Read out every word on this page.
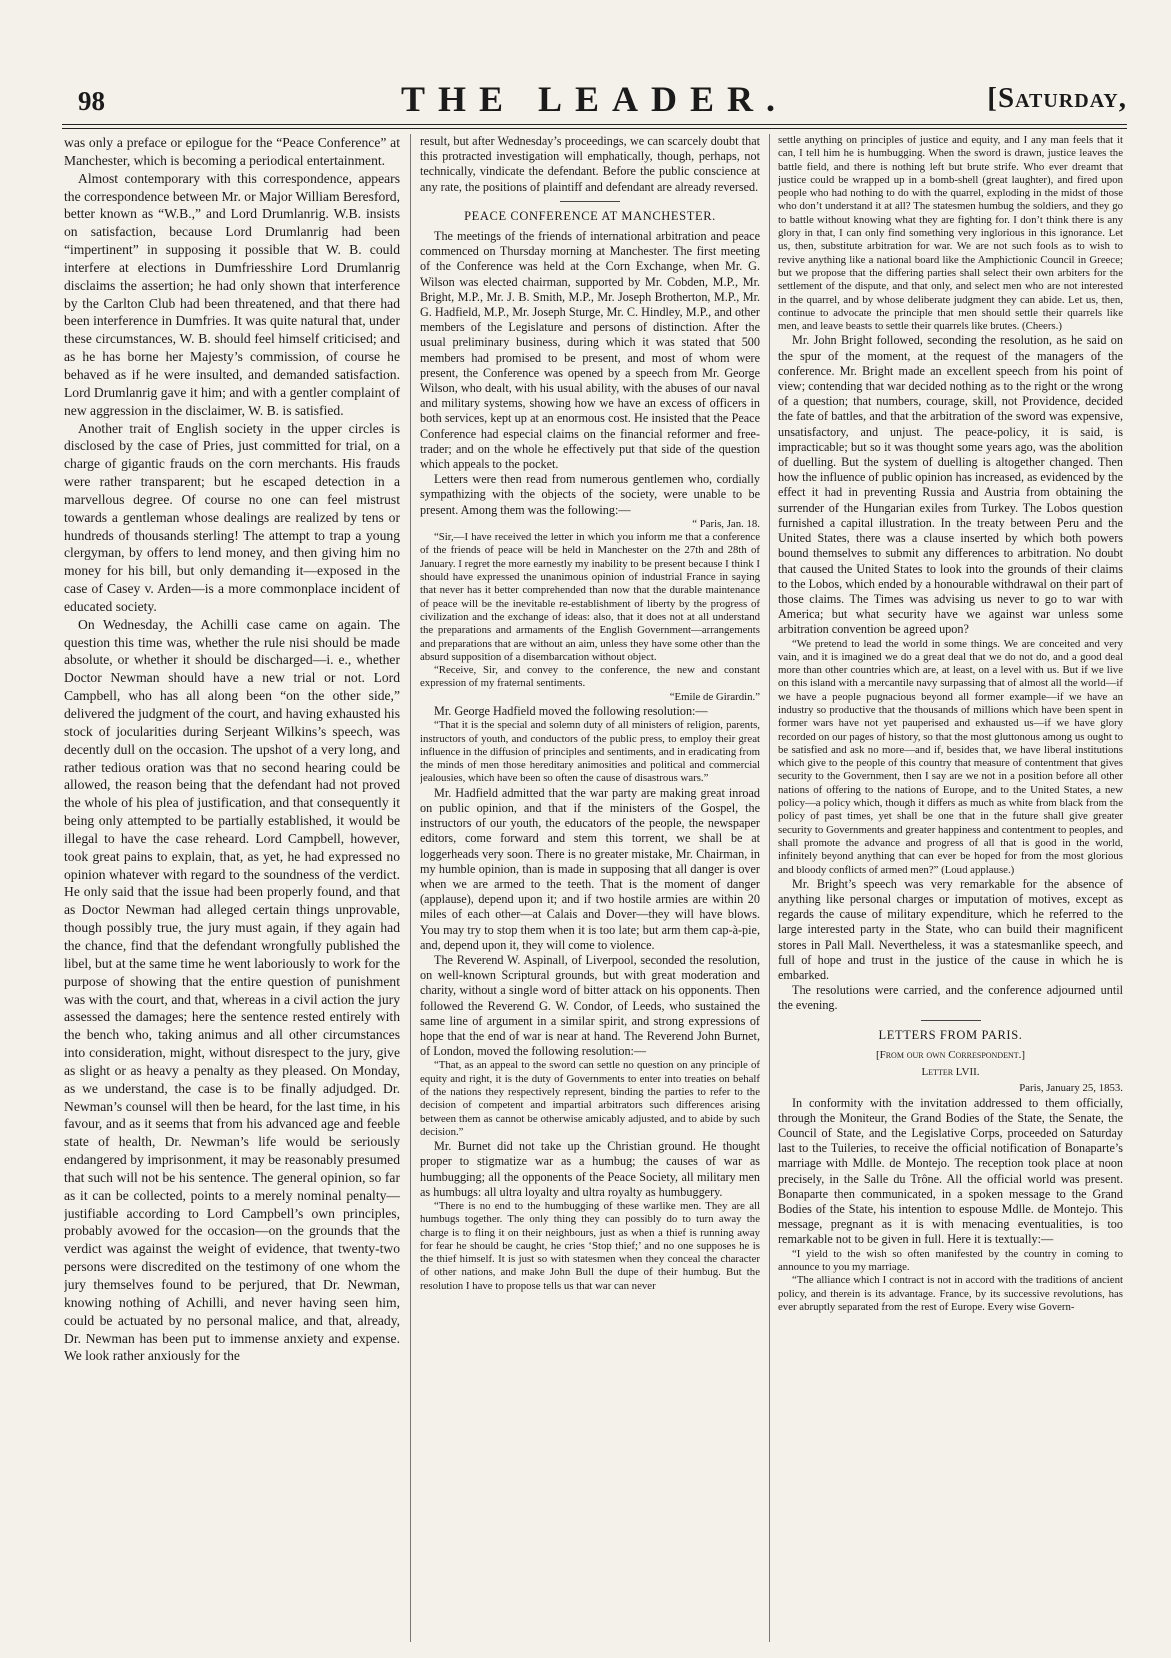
98	THE LEADER.	[Saturday,

was only a preface or epilogue for the “Peace Conference” at Manchester, which is becoming a periodical entertainment.

Almost contemporary with this correspondence, appears the correspondence between Mr. or Major William Beresford, better known as “W.B.,” and Lord Drumlanrig. W.B. insists on satisfaction, because Lord Drumlanrig had been “impertinent” in supposing it possible that W. B. could interfere at elections in Dumfriesshire Lord Drumlanrig disclaims the assertion; he had only shown that interference by the Carlton Club had been threatened, and that there had been interference in Dumfries. It was quite natural that, under these circumstances, W. B. should feel himself criticised; and as he has borne her Majesty’s commission, of course he behaved as if he were insulted, and demanded satisfaction. Lord Drumlanrig gave it him; and with a gentler complaint of new aggression in the disclaimer, W. B. is satisfied.

Another trait of English society in the upper circles is disclosed by the case of Pries, just committed for trial, on a charge of gigantic frauds on the corn merchants. His frauds were rather transparent; but he escaped detection in a marvellous degree. Of course no one can feel mistrust towards a gentleman whose dealings are realized by tens or hundreds of thousands sterling! The attempt to trap a young clergyman, by offers to lend money, and then giving him no money for his bill, but only demanding it—exposed in the case of Casey v. Arden—is a more commonplace incident of educated society.

On Wednesday, the Achilli case came on again. The question this time was, whether the rule nisi should be made absolute, or whether it should be discharged—i. e., whether Doctor Newman should have a new trial or not. Lord Campbell, who has all along been “on the other side,” delivered the judgment of the court, and having exhausted his stock of jocularities during Serjeant Wilkins’s speech, was decently dull on the occasion. The upshot of a very long, and rather tedious oration was that no second hearing could be allowed, the reason being that the defendant had not proved the whole of his plea of justification, and that consequently it being only attempted to be partially established, it would be illegal to have the case reheard. Lord Campbell, however, took great pains to explain, that, as yet, he had expressed no opinion whatever with regard to the soundness of the verdict. He only said that the issue had been properly found, and that as Doctor Newman had alleged certain things unprovable, though possibly true, the jury must again, if they again had the chance, find that the defendant wrongfully published the libel, but at the same time he went laboriously to work for the purpose of showing that the entire question of punishment was with the court, and that, whereas in a civil action the jury assessed the damages; here the sentence rested entirely with the bench who, taking animus and all other circumstances into consideration, might, without disrespect to the jury, give as slight or as heavy a penalty as they pleased. On Monday, as we understand, the case is to be finally adjudged. Dr. Newman’s counsel will then be heard, for the last time, in his favour, and as it seems that from his advanced age and feeble state of health, Dr. Newman’s life would be seriously endangered by imprisonment, it may be reasonably presumed that such will not be his sentence. The general opinion, so far as it can be collected, points to a merely nominal penalty—justifiable according to Lord Campbell’s own principles, probably avowed for the occasion—on the grounds that the verdict was against the weight of evidence, that twenty-two persons were discredited on the testimony of one whom the jury themselves found to be perjured, that Dr. Newman, knowing nothing of Achilli, and never having seen him, could be actuated by no personal malice, and that, already, Dr. Newman has been put to immense anxiety and expense. We look rather anxiously for the

result, but after Wednesday’s proceedings, we can scarcely doubt that this protracted investigation will emphatically, though, perhaps, not technically, vindicate the defendant. Before the public conscience at any rate, the positions of plaintiff and defendant are already reversed.

PEACE CONFERENCE AT MANCHESTER.

The meetings of the friends of international arbitration and peace commenced on Thursday morning at Manchester. The first meeting of the Conference was held at the Corn Exchange, when Mr. G. Wilson was elected chairman, supported by Mr. Cobden, M.P., Mr. Bright, M.P., Mr. J. B. Smith, M.P., Mr. Joseph Brotherton, M.P., Mr. G. Hadfield, M.P., Mr. Joseph Sturge, Mr. C. Hindley, M.P., and other members of the Legislature and persons of distinction. After the usual preliminary business, during which it was stated that 500 members had promised to be present, and most of whom were present, the Conference was opened by a speech from Mr. George Wilson, who dealt, with his usual ability, with the abuses of our naval and military systems, showing how we have an excess of officers in both services, kept up at an enormous cost. He insisted that the Peace Conference had especial claims on the financial reformer and free-trader; and on the whole he effectively put that side of the question which appeals to the pocket.

Letters were then read from numerous gentlemen who, cordially sympathizing with the objects of the society, were unable to be present. Among them was the following:—

“ Paris, Jan. 18.

“Sir,—I have received the letter in which you inform me that a conference of the friends of peace will be held in Manchester on the 27th and 28th of January. I regret the more earnestly my inability to be present because I think I should have expressed the unanimous opinion of industrial France in saying that never has it better comprehended than now that the durable maintenance of peace will be the inevitable re-establishment of liberty by the progress of civilization and the exchange of ideas: also, that it does not at all understand the preparations and armaments of the English Government—arrangements and preparations that are without an aim, unless they have some other than the absurd supposition of a disembarcation without object.

“Receive, Sir, and convey to the conference, the new and constant expression of my fraternal sentiments.

“Emile de Girardin.”

Mr. George Hadfield moved the following resolution:—

“That it is the special and solemn duty of all ministers of religion, parents, instructors of youth, and conductors of the public press, to employ their great influence in the diffusion of principles and sentiments, and in eradicating from the minds of men those hereditary animosities and political and commercial jealousies, which have been so often the cause of disastrous wars.”

Mr. Hadfield admitted that the war party are making great inroad on public opinion, and that if the ministers of the Gospel, the instructors of our youth, the educators of the people, the newspaper editors, come forward and stem this torrent, we shall be at loggerheads very soon. There is no greater mistake, Mr. Chairman, in my humble opinion, than is made in supposing that all danger is over when we are armed to the teeth. That is the moment of danger (applause), depend upon it; and if two hostile armies are within 20 miles of each other—at Calais and Dover—they will have blows. You may try to stop them when it is too late; but arm them cap-à-pie, and, depend upon it, they will come to violence.

The Reverend W. Aspinall, of Liverpool, seconded the resolution, on well-known Scriptural grounds, but with great moderation and charity, without a single word of bitter attack on his opponents. Then followed the Reverend G. W. Condor, of Leeds, who sustained the same line of argument in a similar spirit, and strong expressions of hope that the end of war is near at hand. The Reverend John Burnet, of London, moved the following resolution:—

“That, as an appeal to the sword can settle no question on any principle of equity and right, it is the duty of Governments to enter into treaties on behalf of the nations they respectively represent, binding the parties to refer to the decision of competent and impartial arbitrators such differences arising between them as cannot be otherwise amicably adjusted, and to abide by such decision.”

Mr. Burnet did not take up the Christian ground. He thought proper to stigmatize war as a humbug; the causes of war as humbugging; all the opponents of the Peace Society, all military men as humbugs: all ultra loyalty and ultra royalty as humbuggery.

“There is no end to the humbugging of these warlike men. They are all humbugs together. The only thing they can possibly do to turn away the charge is to fling it on their neighbours, just as when a thief is running away for fear he should be caught, he cries ‘Stop thief;’ and no one supposes he is the thief himself. It is just so with statesmen when they conceal the character of other nations, and make John Bull the dupe of their humbug. But the resolution I have to propose tells us that war can never

settle anything on principles of justice and equity, and I any man feels that it can, I tell him he is humbugging. When the sword is drawn, justice leaves the battle field, and there is nothing left but brute strife. Who ever dreamt that justice could be wrapped up in a bomb-shell (great laughter), and fired upon people who had nothing to do with the quarrel, exploding in the midst of those who don’t understand it at all? The statesmen humbug the soldiers, and they go to battle without knowing what they are fighting for. I don’t think there is any glory in that, I can only find something very inglorious in this ignorance. Let us, then, substitute arbitration for war. We are not such fools as to wish to revive anything like a national board like the Amphictionic Council in Greece; but we propose that the differing parties shall select their own arbiters for the settlement of the dispute, and that only, and select men who are not interested in the quarrel, and by whose deliberate judgment they can abide. Let us, then, continue to advocate the principle that men should settle their quarrels like men, and leave beasts to settle their quarrels like brutes. (Cheers.)

Mr. John Bright followed, seconding the resolution, as he said on the spur of the moment, at the request of the managers of the conference. Mr. Bright made an excellent speech from his point of view; contending that war decided nothing as to the right or the wrong of a question; that numbers, courage, skill, not Providence, decided the fate of battles, and that the arbitration of the sword was expensive, unsatisfactory, and unjust. The peace-policy, it is said, is impracticable; but so it was thought some years ago, was the abolition of duelling. But the system of duelling is altogether changed. Then how the influence of public opinion has increased, as evidenced by the effect it had in preventing Russia and Austria from obtaining the surrender of the Hungarian exiles from Turkey. The Lobos question furnished a capital illustration. In the treaty between Peru and the United States, there was a clause inserted by which both powers bound themselves to submit any differences to arbitration. No doubt that caused the United States to look into the grounds of their claims to the Lobos, which ended by a honourable withdrawal on their part of those claims. The Times was advising us never to go to war with America; but what security have we against war unless some arbitration convention be agreed upon?

“We pretend to lead the world in some things. We are conceited and very vain, and it is imagined we do a great deal that we do not do, and a good deal more than other countries which are, at least, on a level with us. But if we live on this island with a mercantile navy surpassing that of almost all the world—if we have a people pugnacious beyond all former example—if we have an industry so productive that the thousands of millions which have been spent in former wars have not yet pauperised and exhausted us—if we have glory recorded on our pages of history, so that the most gluttonous among us ought to be satisfied and ask no more—and if, besides that, we have liberal institutions which give to the people of this country that measure of contentment that gives security to the Government, then I say are we not in a position before all other nations of offering to the nations of Europe, and to the United States, a new policy—a policy which, though it differs as much as white from black from the policy of past times, yet shall be one that in the future shall give greater security to Governments and greater happiness and contentment to peoples, and shall promote the advance and progress of all that is good in the world, infinitely beyond anything that can ever be hoped for from the most glorious and bloody conflicts of armed men?” (Loud applause.)

Mr. Bright’s speech was very remarkable for the absence of anything like personal charges or imputation of motives, except as regards the cause of military expenditure, which he referred to the large interested party in the State, who can build their magnificent stores in Pall Mall. Nevertheless, it was a statesmanlike speech, and full of hope and trust in the justice of the cause in which he is embarked.

The resolutions were carried, and the conference adjourned until the evening.

LETTERS FROM PARIS.

[From our own Correspondent.]

Letter LVII.

Paris, January 25, 1853.

In conformity with the invitation addressed to them officially, through the Moniteur, the Grand Bodies of the State, the Senate, the Council of State, and the Legislative Corps, proceeded on Saturday last to the Tuileries, to receive the official notification of Bonaparte’s marriage with Mdlle. de Montejo. The reception took place at noon precisely, in the Salle du Trône. All the official world was present. Bonaparte then communicated, in a spoken message to the Grand Bodies of the State, his intention to espouse Mdlle. de Montejo. This message, pregnant as it is with menacing eventualities, is too remarkable not to be given in full. Here it is textually:—

“I yield to the wish so often manifested by the country in coming to announce to you my marriage.

“The alliance which I contract is not in accord with the traditions of ancient policy, and therein is its advantage. France, by its successive revolutions, has ever abruptly separated from the rest of Europe. Every wise Govern-
